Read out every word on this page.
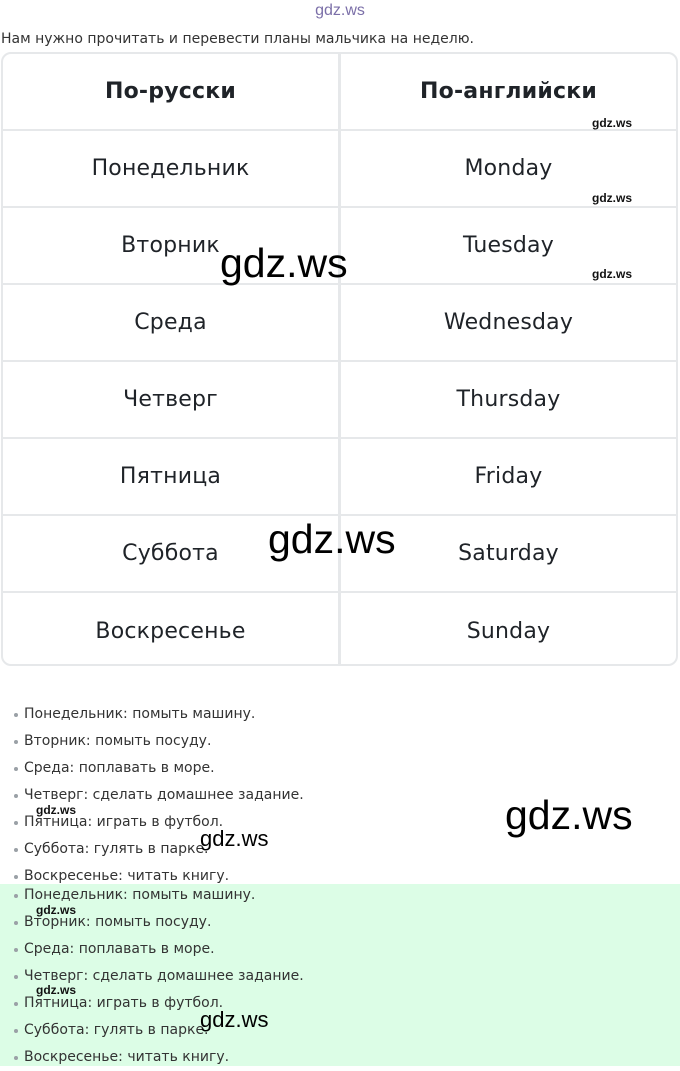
gdz.ws
Нам нужно прочитать и перевести планы мальчика на неделю.
По-русски	По-английски
Понедельник	Monday
Вторник	Tuesday
Среда	Wednesday
Четверг	Thursday
Пятница	Friday
Суббота	Saturday
Воскресенье	Sunday
gdz.ws
gdz.ws
gdz.ws
gdz.ws
gdz.ws
Понедельник: помыть машину.
Вторник: помыть посуду.
Среда: поплавать в море.
Четверг: сделать домашнее задание.
Пятница: играть в футбол.
Суббота: гулять в парке.
Воскресенье: читать книгу.
Понедельник: помыть машину.
Вторник: помыть посуду.
Среда: поплавать в море.
Четверг: сделать домашнее задание.
Пятница: играть в футбол.
Суббота: гулять в парке.
Воскресенье: читать книгу.
gdz.ws
gdz.ws
gdz.ws
gdz.ws
gdz.ws
gdz.ws
